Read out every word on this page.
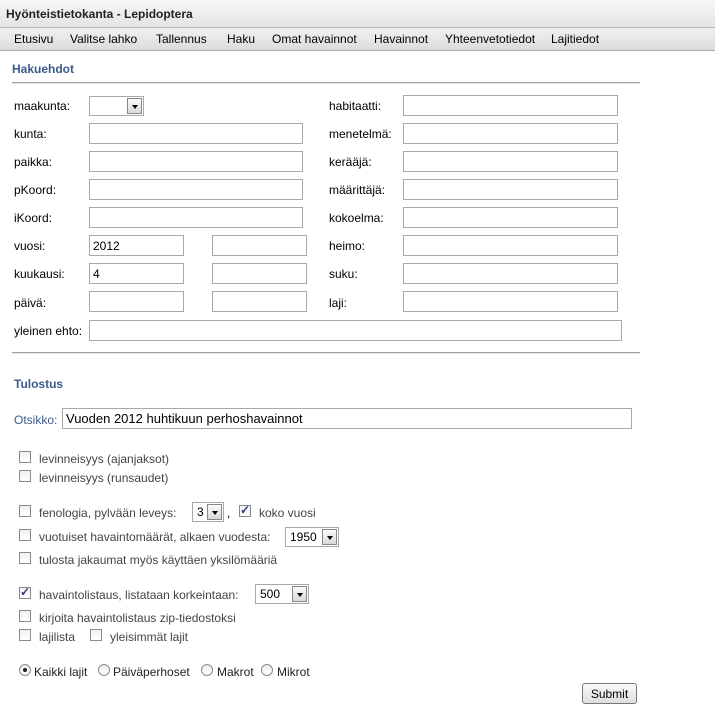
Hyönteistietokanta - Lepidoptera
Etusivu Valitse lahko Tallennus Haku Omat havainnot Havainnot Yhteenvetotiedot Lajitiedot
Hakuehdot
maakunta:
kunta:
paikka:
pKoord:
iKoord:
vuosi:
2012
kuukausi:
4
päivä:
habitaatti:
menetelmä:
kerääjä:
määrittäjä:
kokoelma:
heimo:
suku:
laji:
yleinen ehto:
Tulostus
Otsikko:
Vuoden 2012 huhtikuun perhoshavainnot
levinneisyys (ajanjaksot)
levinneisyys (runsaudet)
fenologia, pylvään leveys: 3 ,
✓ koko vuosi
vuotuiset havaintomäärät, alkaen vuodesta: 1950
tulosta jakaumat myös käyttäen yksilömääriä
✓
havaintolistaus, listataan korkeintaan: 500
kirjoita havaintolistaus zip-tiedostoksi
lajilista	yleisimmät lajit
Kaikki lajit Päiväperhoset Makrot Mikrot
Submit
